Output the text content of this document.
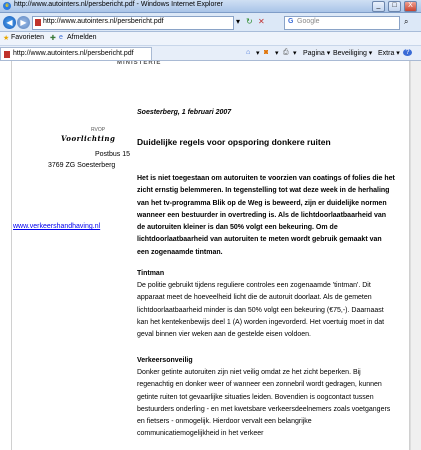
e http://www.autointers.nl/persbericht.pdf - Windows Internet Explorer	_	□	X
◀ ▶	http://www.autointers.nl/persbericht.pdf	▾ ↻ ✕	G Google	⌕
★ Favorieten ✚ e Afmelden
http://www.autointers.nl/persbericht.pdf	⌂ ▾ ◙ ▾ ⎙ ▾ Pagina ▾ Beveiliging ▾ Extra ▾ ?
MINISTERIE
RVOP
Voorlichting
Postbus 15
3769 ZG Soesterberg
www.verkeershandhaving.nl
Soesterberg, 1 februari 2007
Duidelijke regels voor opsporing donkere ruiten

Het is niet toegestaan om autoruiten te voorzien van coatings of folies die het

zicht ernstig belemmeren. In tegenstelling tot wat deze week in de herhaling

van het tv-programma Blik op de Weg is beweerd, zijn er duidelijke normen

wanneer een bestuurder in overtreding is. Als de lichtdoorlaatbaarheid van

de autoruiten kleiner is dan 50% volgt een bekeuring. Om de

lichtdoorlaatbaarheid van autoruiten te meten wordt gebruik gemaakt van

een zogenaamde tintman.

Tintman

De politie gebruikt tijdens reguliere controles een zogenaamde 'tintman'. Dit

apparaat meet de hoeveelheid licht die de autoruit doorlaat. Als de gemeten

lichtdoorlaatbaarheid minder is dan 50% volgt een bekeuring (€75,-). Daarnaast

kan het kentekenbewijs deel 1 (A) worden ingevorderd. Het voertuig moet in dat

geval binnen vier weken aan de gestelde eisen voldoen.

Verkeersonveilig

Donker getinte autoruiten zijn niet veilig omdat ze het zicht beperken. Bij

regenachtig en donker weer of wanneer een zonnebril wordt gedragen, kunnen

getinte ruiten tot gevaarlijke situaties leiden. Bovendien is oogcontact tussen

bestuurders onderling - en met kwetsbare verkeersdeelnemers zoals voetgangers

en fietsers - onmogelijk. Hierdoor vervalt een belangrijke

communicatiemogelijkheid in het verkeer
